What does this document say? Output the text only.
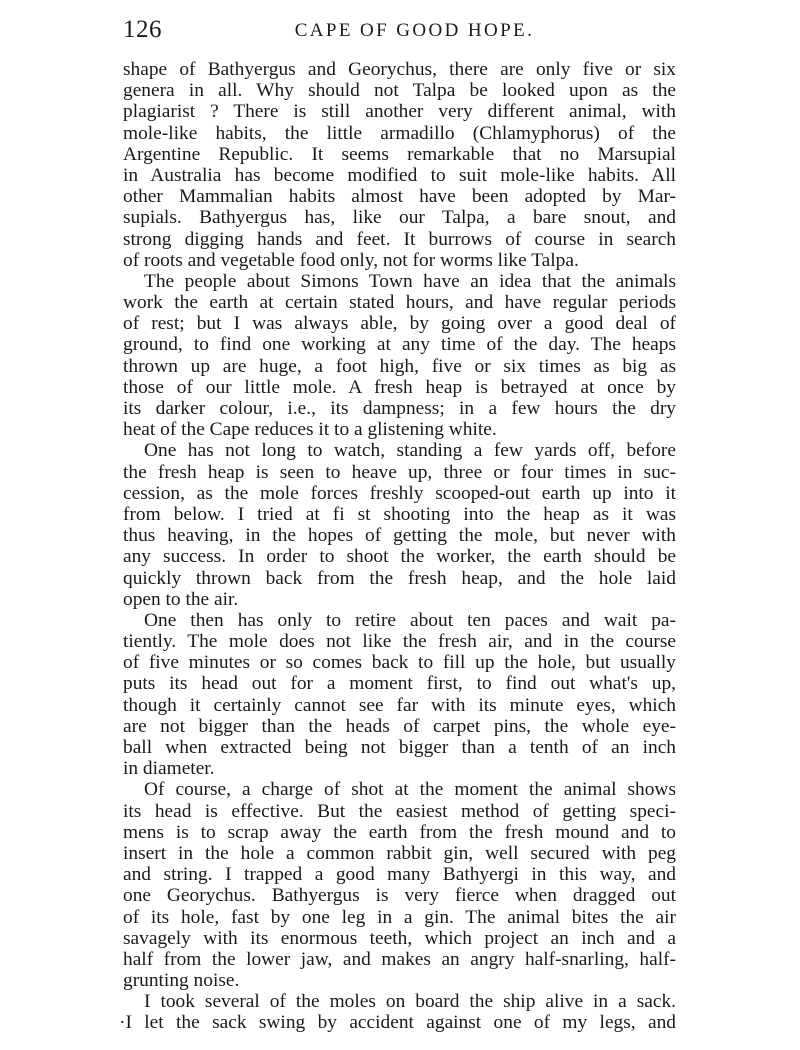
126	CAPE OF GOOD HOPE.
shape of Bathyergus and Georychus, there are only five or six
genera in all. Why should not Talpa be looked upon as the
plagiarist ? There is still another very different animal, with
mole-like habits, the little armadillo (Chlamyphorus) of the
Argentine Republic. It seems remarkable that no Marsupial
in Australia has become modified to suit mole-like habits. All
other Mammalian habits almost have been adopted by Mar-
supials. Bathyergus has, like our Talpa, a bare snout, and
strong digging hands and feet. It burrows of course in search
of roots and vegetable food only, not for worms like Talpa.
The people about Simons Town have an idea that the animals
work the earth at certain stated hours, and have regular periods
of rest; but I was always able, by going over a good deal of
ground, to find one working at any time of the day. The heaps
thrown up are huge, a foot high, five or six times as big as
those of our little mole. A fresh heap is betrayed at once by
its darker colour, i.e., its dampness; in a few hours the dry
heat of the Cape reduces it to a glistening white.
One has not long to watch, standing a few yards off, before
the fresh heap is seen to heave up, three or four times in suc-
cession, as the mole forces freshly scooped-out earth up into it
from below. I tried at fi st shooting into the heap as it was
thus heaving, in the hopes of getting the mole, but never with
any success. In order to shoot the worker, the earth should be
quickly thrown back from the fresh heap, and the hole laid
open to the air.
One then has only to retire about ten paces and wait pa-
tiently. The mole does not like the fresh air, and in the course
of five minutes or so comes back to fill up the hole, but usually
puts its head out for a moment first, to find out what's up,
though it certainly cannot see far with its minute eyes, which
are not bigger than the heads of carpet pins, the whole eye-
ball when extracted being not bigger than a tenth of an inch
in diameter.
Of course, a charge of shot at the moment the animal shows
its head is effective. But the easiest method of getting speci-
mens is to scrap away the earth from the fresh mound and to
insert in the hole a common rabbit gin, well secured with peg
and string. I trapped a good many Bathyergi in this way, and
one Georychus. Bathyergus is very fierce when dragged out
of its hole, fast by one leg in a gin. The animal bites the air
savagely with its enormous teeth, which project an inch and a
half from the lower jaw, and makes an angry half-snarling, half-
grunting noise.
I took several of the moles on board the ship alive in a sack.
·I let the sack swing by accident against one of my legs, and
